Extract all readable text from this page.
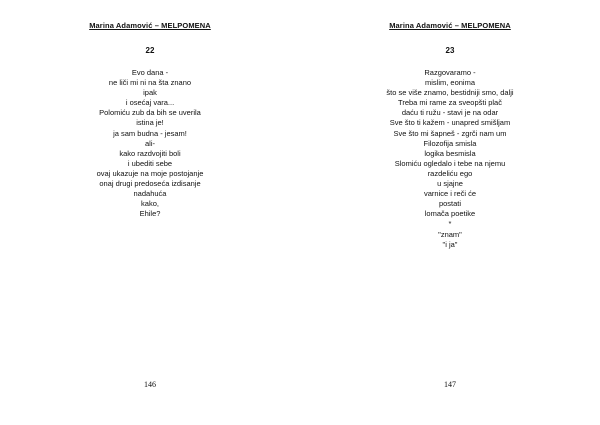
Marina Adamović – MELPOMENA
22
Evo dana -
ne liči mi ni na šta znano
ipak
i osećaj vara...
Polomiću zub da bih se uverila
istina je!
ja sam budna - jesam!
ali-
kako razdvojiti boli
i ubediti sebe
ovaj ukazuje na moje postojanje
onaj drugi predoseća izdisanje
nadahuća
kako,
Ehile?
146
Marina Adamović – MELPOMENA
23
Razgovaramo -
mislim, eonima
što se više znamo, bestidniji smo, dalji
Treba mi rame za sveopšti plač
daću ti ružu - stavi je na odar
Sve što ti kažem - unapred smišljam
Sve što mi šapneš - zgrči nam um
Filozofija smisla
logika besmisla
Slomiću ogledalo i tebe na njemu
razdeliću ego
u sjajne
varnice i reči će
postati
lomača poetike
*
"znam"
"i ja"
147
